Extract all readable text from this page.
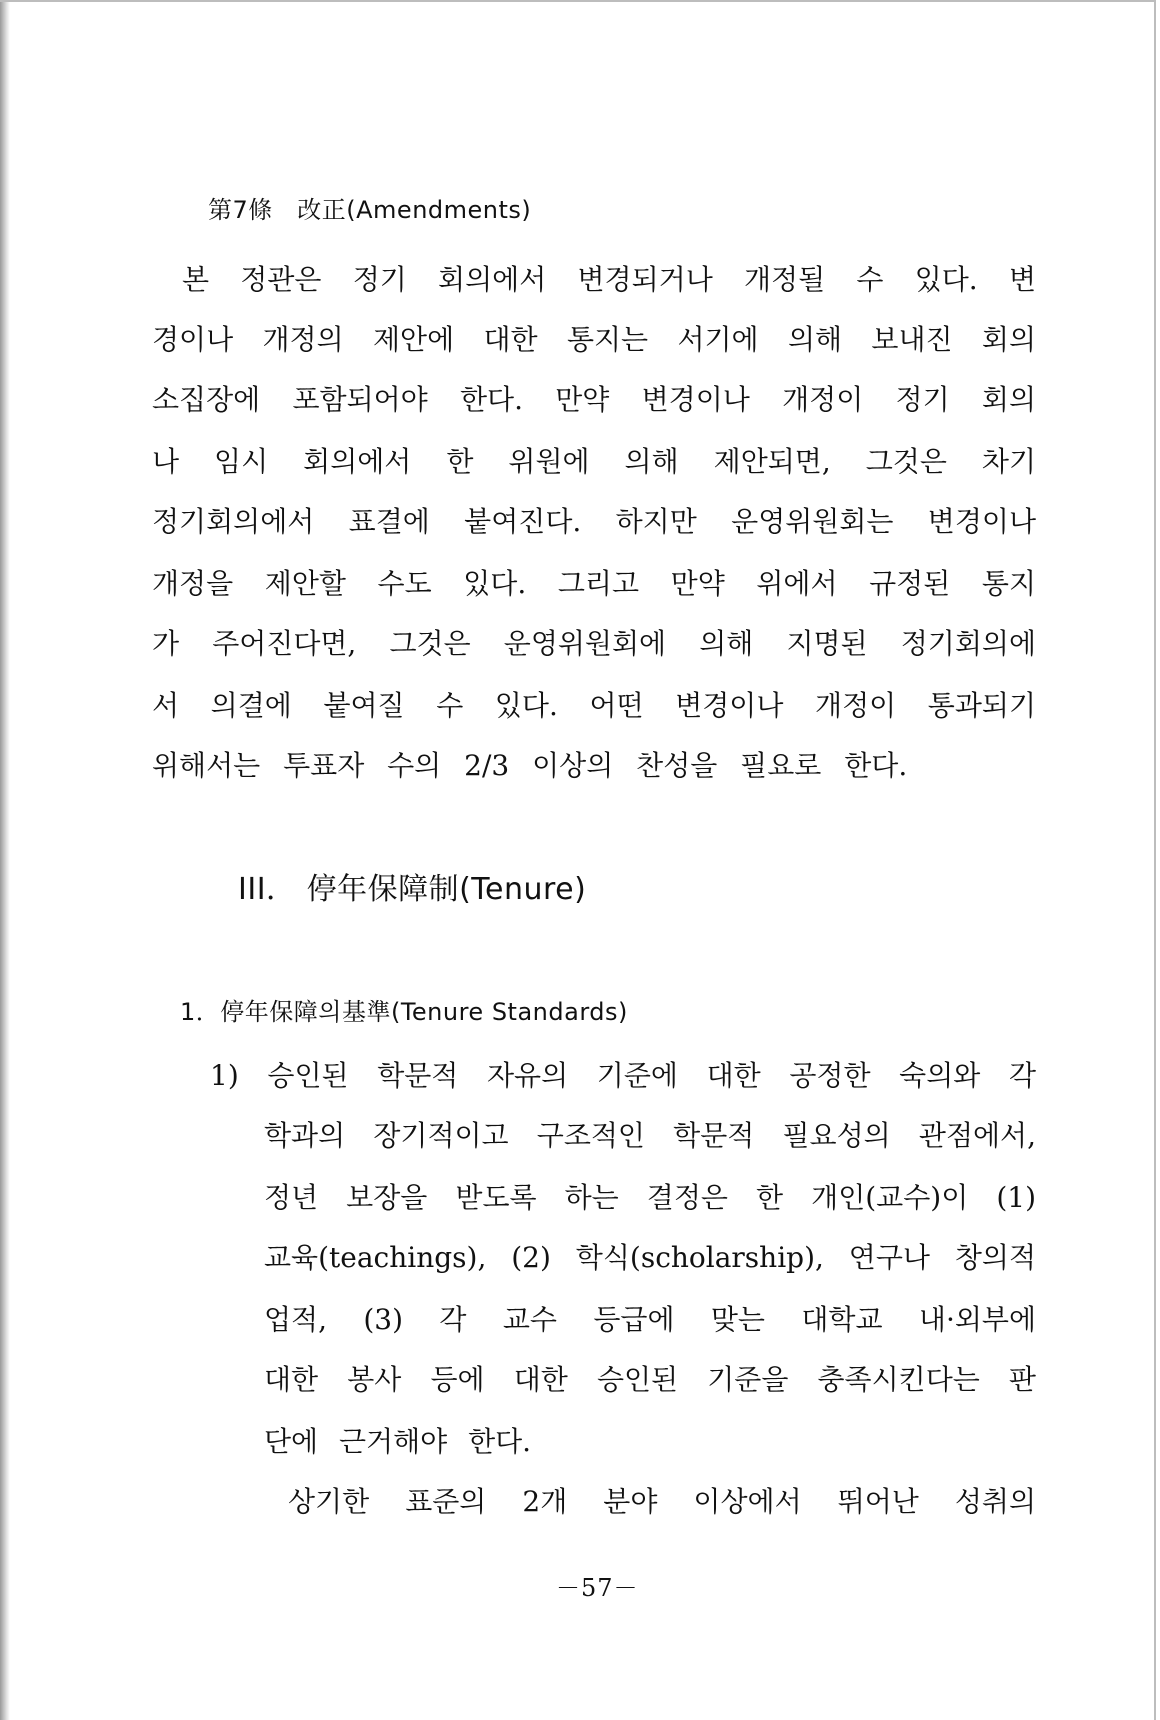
第7條　改正(Amendments)
본 정관은 정기 회의에서 변경되거나 개정될 수 있다. 변
경이나 개정의 제안에 대한 통지는 서기에 의해 보내진 회의
소집장에 포함되어야 한다. 만약 변경이나 개정이 정기 회의
나 임시 회의에서 한 위원에 의해 제안되면, 그것은 차기
정기회의에서 표결에 붙여진다. 하지만 운영위원회는 변경이나
개정을 제안할 수도 있다. 그리고 만약 위에서 규정된 통지
가 주어진다면, 그것은 운영위원회에 의해 지명된 정기회의에
서 의결에 붙여질 수 있다. 어떤 변경이나 개정이 통과되기
위해서는 투표자 수의 2/3 이상의 찬성을 필요로 한다.
III． 停年保障制(Tenure)
1．停年保障의基準(Tenure Standards)
1) 승인된 학문적 자유의 기준에 대한 공정한 숙의와 각
학과의 장기적이고 구조적인 학문적 필요성의 관점에서,
정년 보장을 받도록 하는 결정은 한 개인(교수)이 (1)
교육(teachings), (2) 학식(scholarship), 연구나 창의적
업적, (3) 각 교수 등급에 맞는 대학교 내·외부에
대한 봉사 등에 대한 승인된 기준을 충족시킨다는 판
단에 근거해야 한다.
상기한 표준의 2개 분야 이상에서 뛰어난 성취의
－57－
